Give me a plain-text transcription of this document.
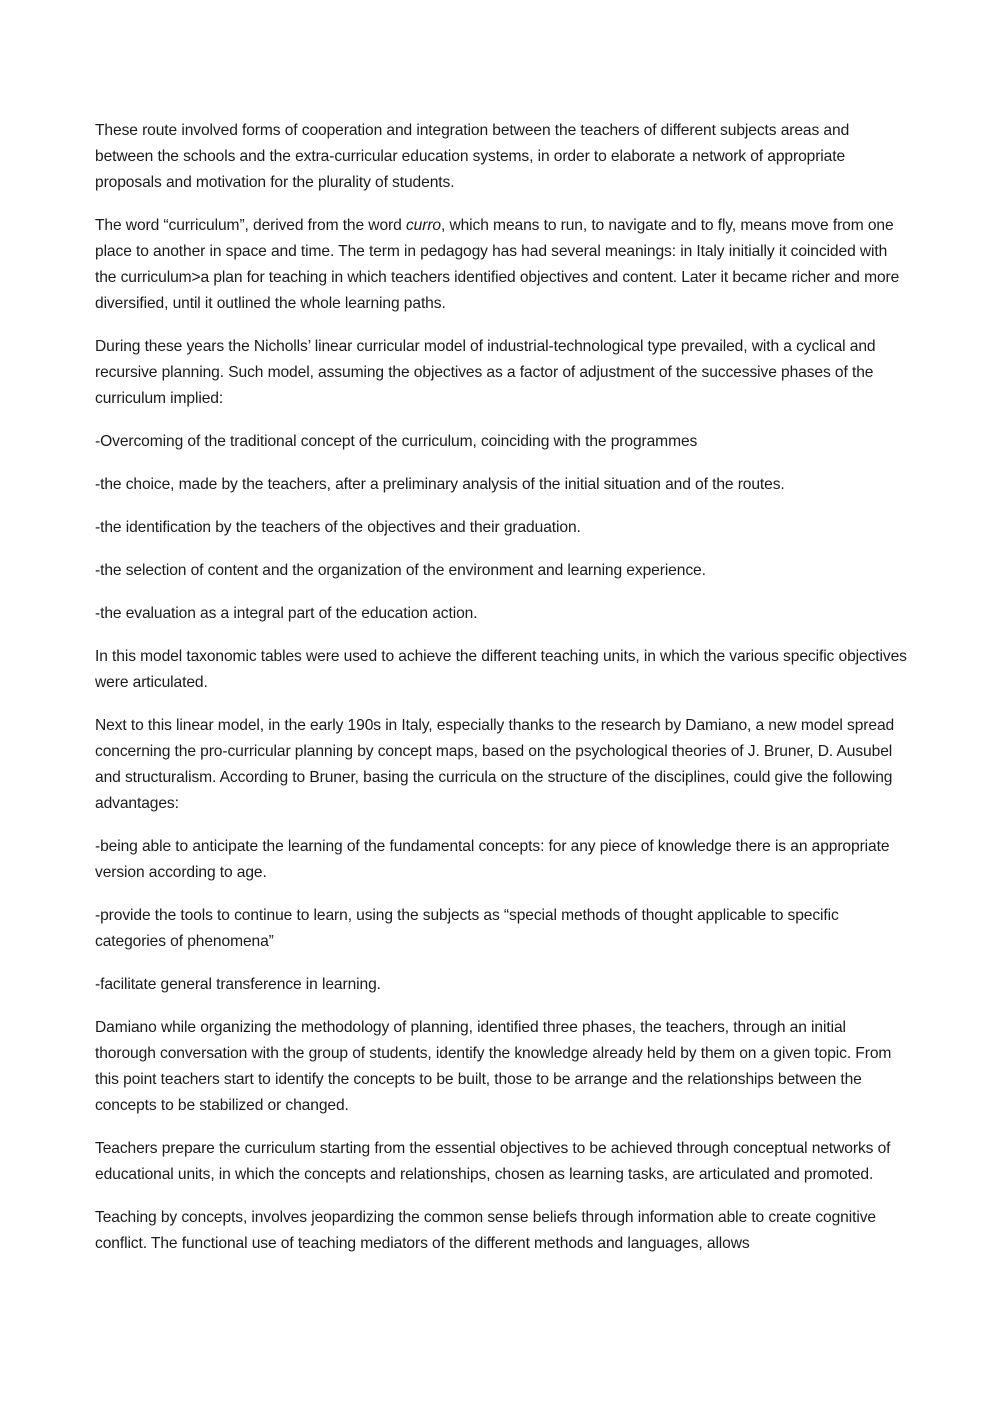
These route involved forms of cooperation and integration between the teachers of different subjects areas and between the schools and the extra-curricular education systems, in order to elaborate a network of appropriate proposals and motivation for the plurality of students.

The word “curriculum”, derived from the word curro, which means to run, to navigate and to fly, means move from one place to another in space and time. The term in pedagogy has had several meanings: in Italy initially it coincided with the curriculum>a plan for teaching in which teachers identified objectives and content. Later it became richer and more diversified, until it outlined the whole learning paths.

During these years the Nicholls’ linear curricular model of industrial-technological type prevailed, with a cyclical and recursive planning. Such model, assuming the objectives as a factor of adjustment of the successive phases of the curriculum implied:

-Overcoming of the traditional concept of the curriculum, coinciding with the programmes

-the choice, made by the teachers, after a preliminary analysis of the initial situation and of the routes.

-the identification by the teachers of the objectives and their graduation.

-the selection of content and the organization of the environment and learning experience.

-the evaluation as a integral part of the education action.

In this model taxonomic tables were used to achieve the different teaching units, in which the various specific objectives were articulated.

Next to this linear model, in the early 190s in Italy, especially thanks to the research by Damiano, a new model spread concerning the pro-curricular planning by concept maps, based on the psychological theories of J. Bruner, D. Ausubel and structuralism. According to Bruner, basing the curricula on the structure of the disciplines, could give the following advantages:

-being able to anticipate the learning of the fundamental concepts: for any piece of knowledge there is an appropriate version according to age.

-provide the tools to continue to learn, using the subjects as “special methods of thought applicable to specific categories of phenomena”

-facilitate general transference in learning.

Damiano while organizing the methodology of planning, identified three phases, the teachers, through an initial thorough conversation with the group of students, identify the knowledge already held by them on a given topic. From this point teachers start to identify the concepts to be built, those to be arrange and the relationships between the concepts to be stabilized or changed.

Teachers prepare the curriculum starting from the essential objectives to be achieved through conceptual networks of educational units, in which the concepts and relationships, chosen as learning tasks, are articulated and promoted.

Teaching by concepts, involves jeopardizing the common sense beliefs through information able to create cognitive conflict. The functional use of teaching mediators of the different methods and languages, allows
